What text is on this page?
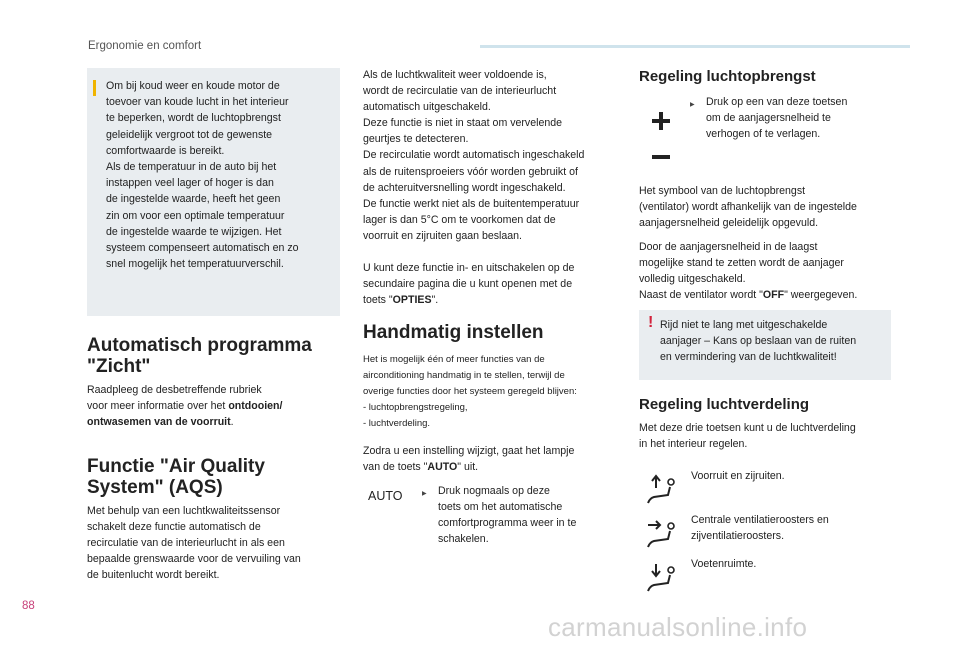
Ergonomie en comfort
Om bij koud weer en koude motor de
toevoer van koude lucht in het interieur
te beperken, wordt de luchtopbrengst
geleidelijk vergroot tot de gewenste
comfortwaarde is bereikt.
Als de temperatuur in de auto bij het
instappen veel lager of hoger is dan
de ingestelde waarde, heeft het geen
zin om voor een optimale temperatuur
de ingestelde waarde te wijzigen. Het
systeem compenseert automatisch en zo
snel mogelijk het temperatuurverschil.
Automatisch programma
"Zicht"
Raadpleeg de desbetreffende rubriek
voor meer informatie over het ontdooien/
ontwasemen van de voorruit.
Functie "Air Quality
System" (AQS)
Met behulp van een luchtkwaliteitssensor
schakelt deze functie automatisch de
recirculatie van de interieurlucht in als een
bepaalde grenswaarde voor de vervuiling van
de buitenlucht wordt bereikt.
Als de luchtkwaliteit weer voldoende is,
wordt de recirculatie van de interieurlucht
automatisch uitgeschakeld.
Deze functie is niet in staat om vervelende
geurtjes te detecteren.
De recirculatie wordt automatisch ingeschakeld
als de ruitensproeiers vóór worden gebruikt of
de achteruitversnelling wordt ingeschakeld.
De functie werkt niet als de buitentemperatuur
lager is dan 5°C om te voorkomen dat de
voorruit en zijruiten gaan beslaan.
U kunt deze functie in- en uitschakelen op de
secundaire pagina die u kunt openen met de
toets "OPTIES".
Handmatig instellen
Het is mogelijk één of meer functies van de
airconditioning handmatig in te stellen, terwijl de
overige functies door het systeem geregeld blijven:
- luchtopbrengstregeling,
- luchtverdeling.
Zodra u een instelling wijzigt, gaat het lampje
van de toets "AUTO" uit.
AUTO	▶ Druk nogmaals op deze
toets om het automatische
comfortprogramma weer in te
schakelen.
Regeling luchtopbrengst
▶ Druk op een van deze toetsen
om de aanjagersnelheid te
verhogen of te verlagen.
Het symbool van de luchtopbrengst
(ventilator) wordt afhankelijk van de ingestelde
aanjagersnelheid geleidelijk opgevuld.
Door de aanjagersnelheid in de laagst
mogelijke stand te zetten wordt de aanjager
volledig uitgeschakeld.
Naast de ventilator wordt "OFF" weergegeven.
! Rijd niet te lang met uitgeschakelde
aanjager – Kans op beslaan van de ruiten
en vermindering van de luchtkwaliteit!
Regeling luchtverdeling
Met deze drie toetsen kunt u de luchtverdeling
in het interieur regelen.
Voorruit en zijruiten.
Centrale ventilatieroosters en
zijventilatieroosters.
Voetenruimte.
88
carmanualsonline.info
